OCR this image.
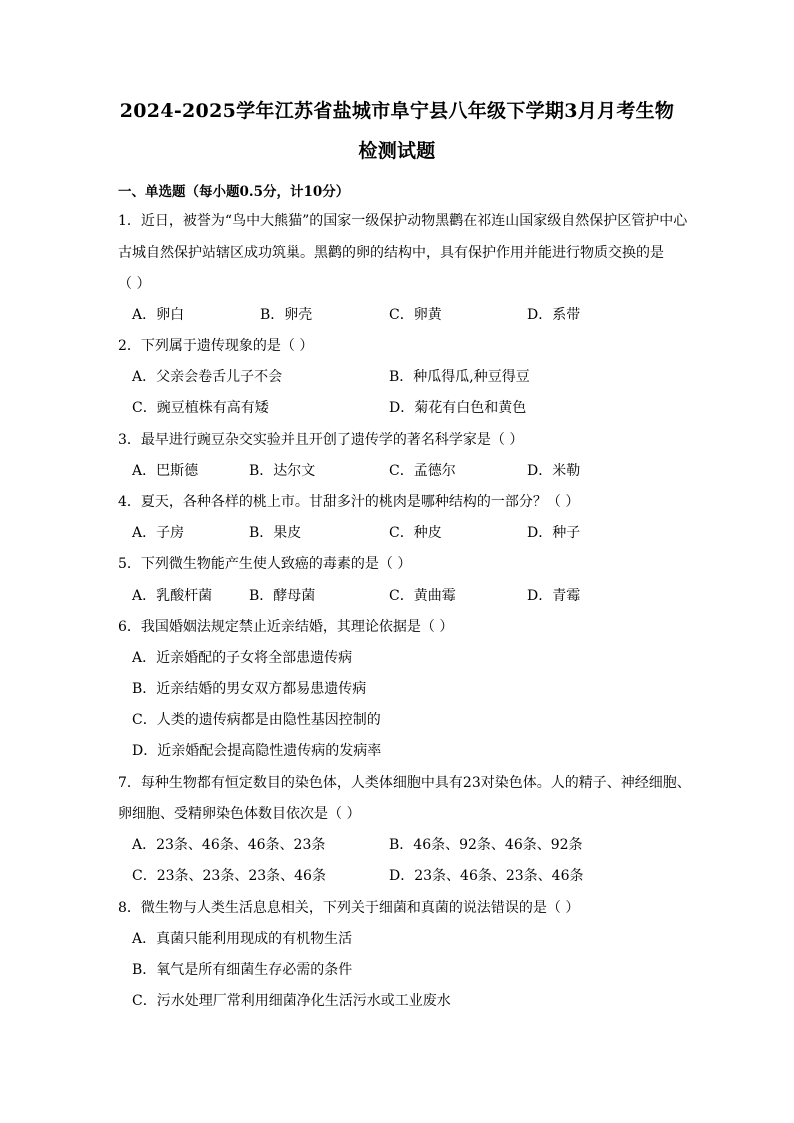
2024-2025学年江苏省盐城市阜宁县八年级下学期3月月考生物
检测试题
一、单选题（每小题0.5分，计10分）
1．近日，被誉为“鸟中大熊猫”的国家一级保护动物黑鹳在祁连山国家级自然保护区管护中心
古城自然保护站辖区成功筑巢。黑鹳的卵的结构中，具有保护作用并能进行物质交换的是
（ ）
A．卵白	B．卵壳	C．卵黄	D．系带
2．下列属于遗传现象的是（ ）
A．父亲会卷舌儿子不会	B．种瓜得瓜,种豆得豆
C．豌豆植株有高有矮	D．菊花有白色和黄色
3．最早进行豌豆杂交实验并且开创了遗传学的著名科学家是（ ）
A．巴斯德	B．达尔文	C．孟德尔	D．米勒
4．夏天，各种各样的桃上市。甘甜多汁的桃肉是哪种结构的一部分？（ ）
A．子房	B．果皮	C．种皮	D．种子
5．下列微生物能产生使人致癌的毒素的是（ ）
A．乳酸杆菌	B．酵母菌	C．黄曲霉	D．青霉
6．我国婚姻法规定禁止近亲结婚，其理论依据是（ ）
A．近亲婚配的子女将全部患遗传病
B．近亲结婚的男女双方都易患遗传病
C．人类的遗传病都是由隐性基因控制的
D．近亲婚配会提高隐性遗传病的发病率
7．每种生物都有恒定数目的染色体，人类体细胞中具有23对染色体。人的精子、神经细胞、
卵细胞、受精卵染色体数目依次是（ ）
A．23条、46条、46条、23条	B．46条、92条、46条、92条
C．23条、23条、23条、46条	D．23条、46条、23条、46条
8．微生物与人类生活息息相关，下列关于细菌和真菌的说法错误的是（ ）
A．真菌只能利用现成的有机物生活
B．氧气是所有细菌生存必需的条件
C．污水处理厂常利用细菌净化生活污水或工业废水
